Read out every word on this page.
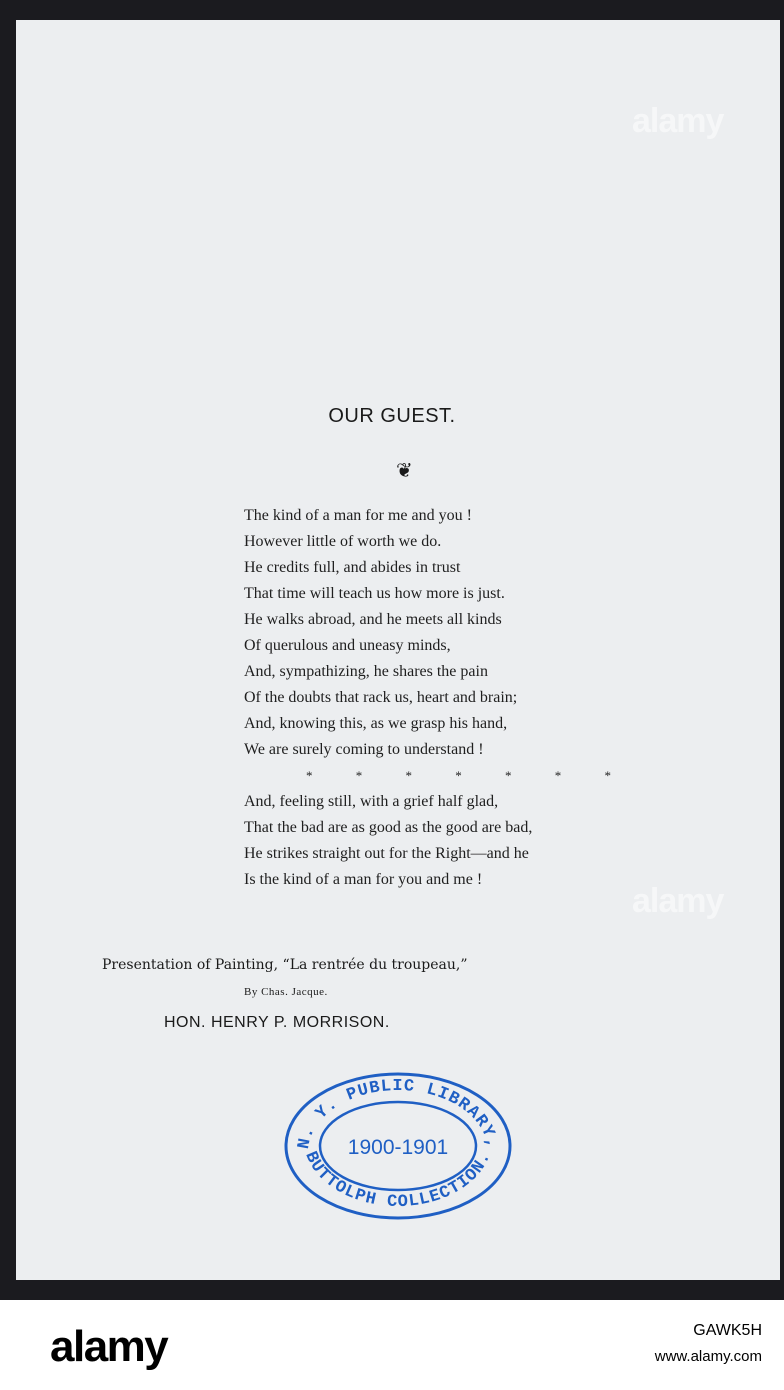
alamy
alamy
OUR GUEST.
❦
The kind of a man for me and you !
However little of worth we do.
He credits full, and abides in trust
That time will teach us how more is just.
He walks abroad, and he meets all kinds
Of querulous and uneasy minds,
And, sympathizing, he shares the pain
Of the doubts that rack us, heart and brain;
And, knowing this, as we grasp his hand,
We are surely coming to understand !
* * * * * * *
And, feeling still, with a grief half glad,
That the bad are as good as the good are bad,
He strikes straight out for the Right—and he
Is the kind of a man for you and me !
Presentation of Painting, “La rentrée du troupeau,”
By Chas. Jacque.
HON. HENRY P. MORRISON.
N. Y. PUBLIC LIBRARY,
BUTTOLPH COLLECTION.
1900-1901
alamy	GAWK5H
www.alamy.com
